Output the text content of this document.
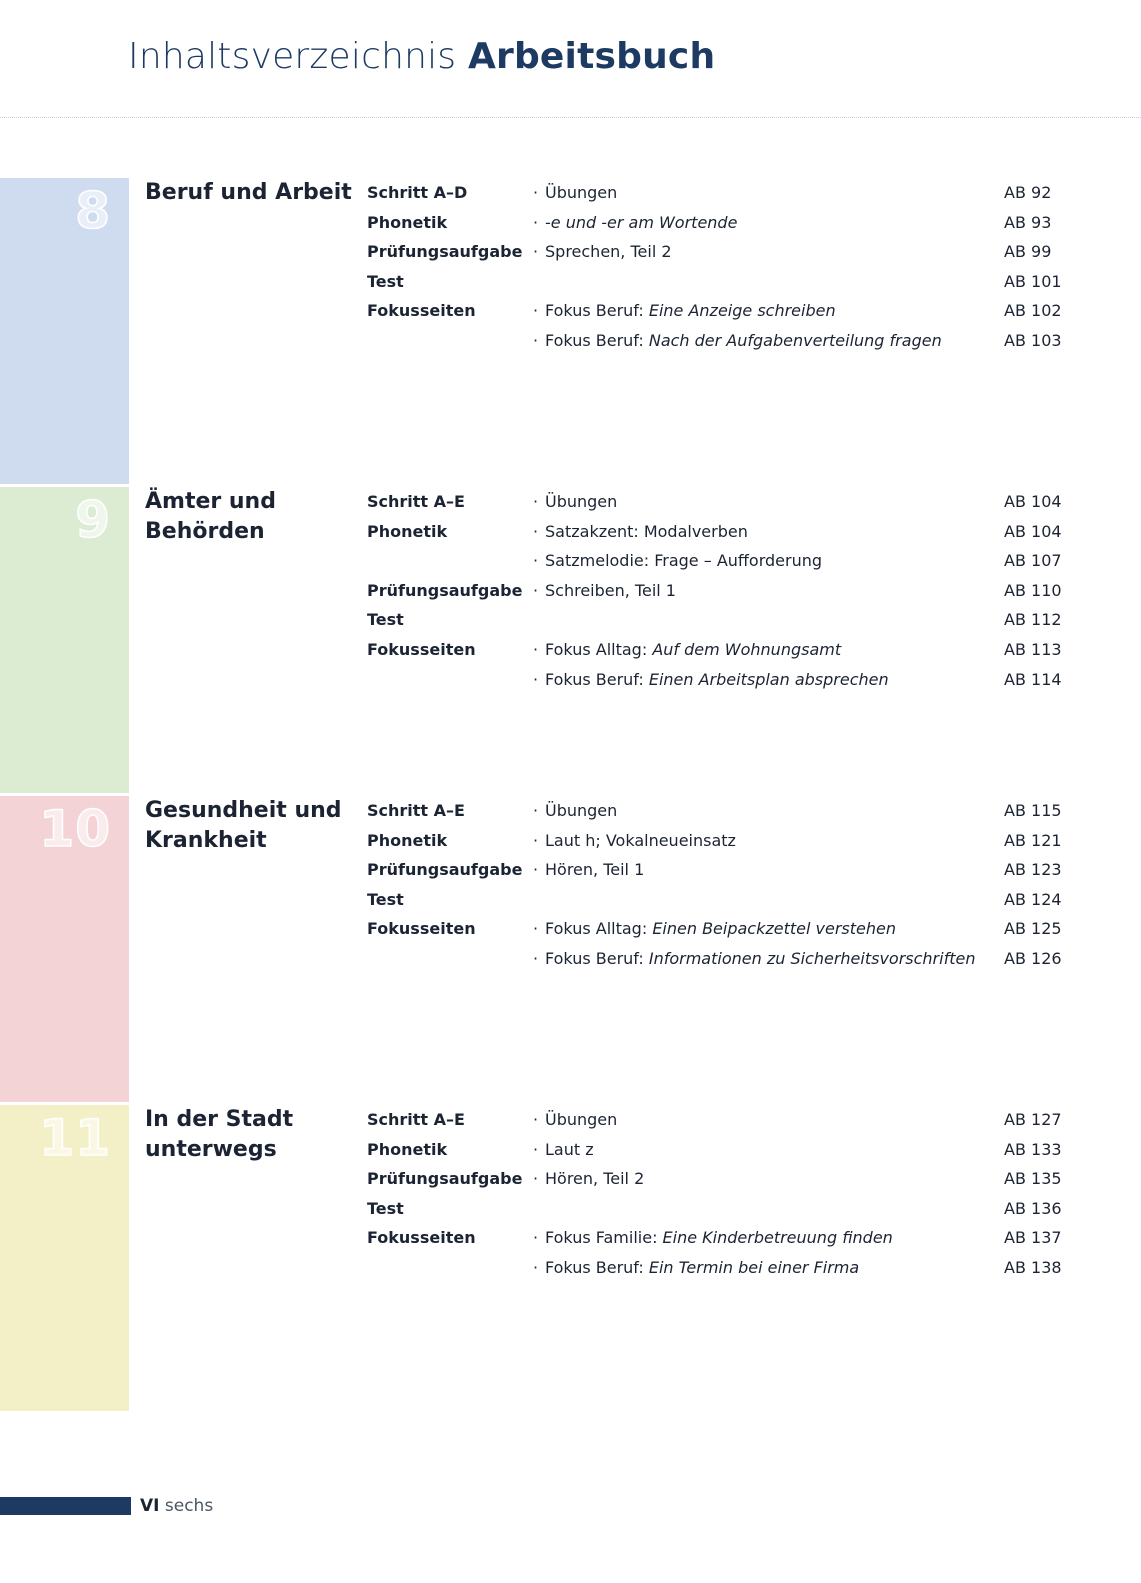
Inhaltsverzeichnis Arbeitsbuch
8 Beruf und Arbeit Schritt A–D	· Übungen	AB 92
Phonetik	· -e und -er am Wortende	AB 93
Prüfungsaufgabe · Sprechen, Teil 2	AB 99
Test	AB 101
Fokusseiten	· Fokus Beruf: Eine Anzeige schreiben	AB 102
· Fokus Beruf: Nach der Aufgabenverteilung fragen	AB 103
9 Ämter und Behörden
Schritt A–E	· Übungen	AB 104
Phonetik	· Satzakzent: Modalverben	AB 104
· Satzmelodie: Frage – Aufforderung	AB 107
Prüfungsaufgabe · Schreiben, Teil 1	AB 110
Test	AB 112
Fokusseiten	· Fokus Alltag: Auf dem Wohnungsamt	AB 113
· Fokus Beruf: Einen Arbeitsplan absprechen	AB 114
10 Gesundheit und Krankheit
Schritt A–E	· Übungen	AB 115
Phonetik	· Laut h; Vokalneueinsatz	AB 121
Prüfungsaufgabe · Hören, Teil 1	AB 123
Test	AB 124
Fokusseiten	· Fokus Alltag: Einen Beipackzettel verstehen	AB 125
· Fokus Beruf: Informationen zu Sicherheitsvorschriften AB 126
11 In der Stadt unterwegs
Schritt A–E	· Übungen	AB 127
Phonetik	· Laut z	AB 133
Prüfungsaufgabe · Hören, Teil 2	AB 135
Test	AB 136
Fokusseiten	· Fokus Familie: Eine Kinderbetreuung finden	AB 137
· Fokus Beruf: Ein Termin bei einer Firma	AB 138
VI sechs
